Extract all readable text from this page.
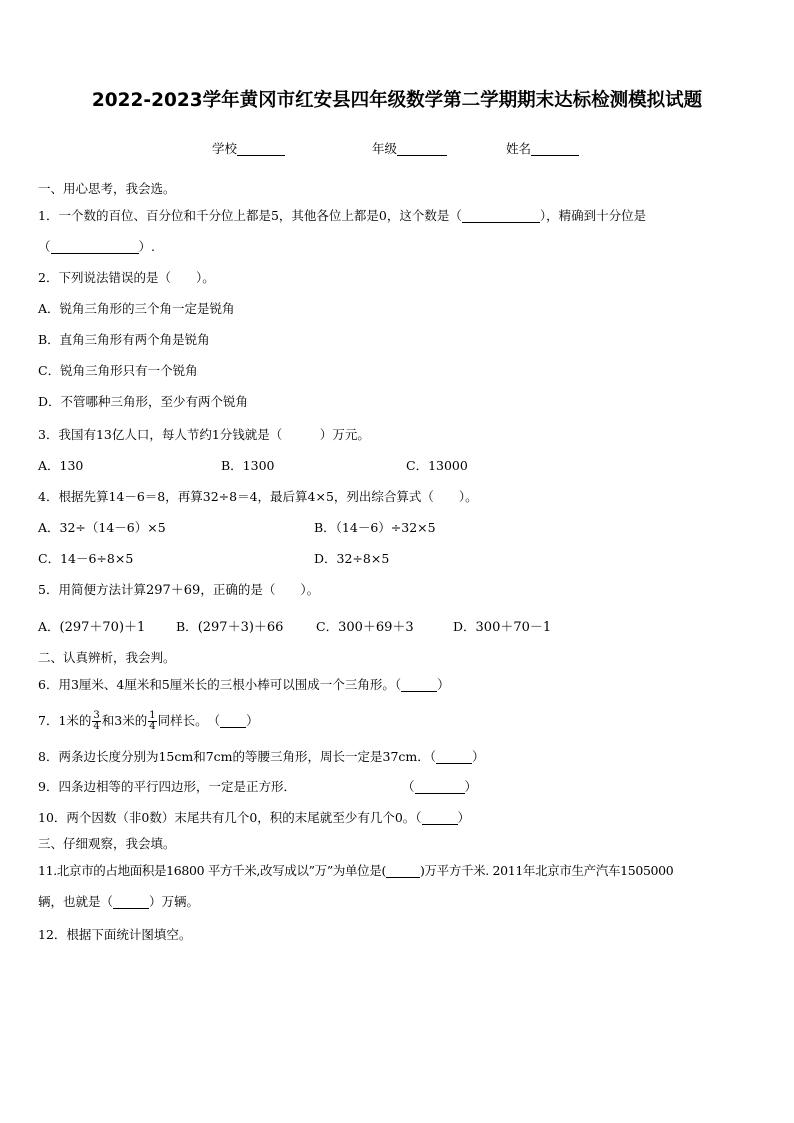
2022-2023学年黄冈市红安县四年级数学第二学期期末达标检测模拟试题
学校	年级	姓名
一、用心思考，我会选。
1．一个数的百位、百分位和千分位上都是5，其他各位上都是0，这个数是（	），精确到十分位是
（	）.
2．下列说法错误的是（　　）。
A．锐角三角形的三个角一定是锐角
B．直角三角形有两个角是锐角
C．锐角三角形只有一个锐角
D．不管哪种三角形，至少有两个锐角
3．我国有13亿人口，每人节约1分钱就是（　　　）万元。
A．130	B．1300	C．13000
4．根据先算14－6＝8，再算32÷8＝4，最后算4×5，列出综合算式（　　）。
A．32÷（14－6）×5	B．（14－6）÷32×5
C．14－6÷8×5	D．32÷8×5
5．用简便方法计算297＋69，正确的是（　　）。
A．(297＋70)＋1 B．(297＋3)＋66	C．300＋69＋3	D．300＋70－1
二、认真辨析，我会判。
6．用3厘米、4厘米和5厘米长的三根小棒可以围成一个三角形。（	）
7．1米的 $\frac{3}{4}$ 和3米的 $\frac{1}{4}$ 同样长。　（ ）
8．两条边长度分别为15cm和7cm的等腰三角形，周长一定是37cm．（	）
9．四条边相等的平行四边形，一定是正方形．	（	）
10．两个因数（非0数）末尾共有几个0，积的末尾就至少有几个0。（	）
三、仔细观察，我会填。
11.北京市的占地面积是16800 平方千米,改写成以”万”为单位是(	)万平方千米. 2011年北京市生产汽车1505000
辆，也就是（	）万辆。
12．根据下面统计图填空。
